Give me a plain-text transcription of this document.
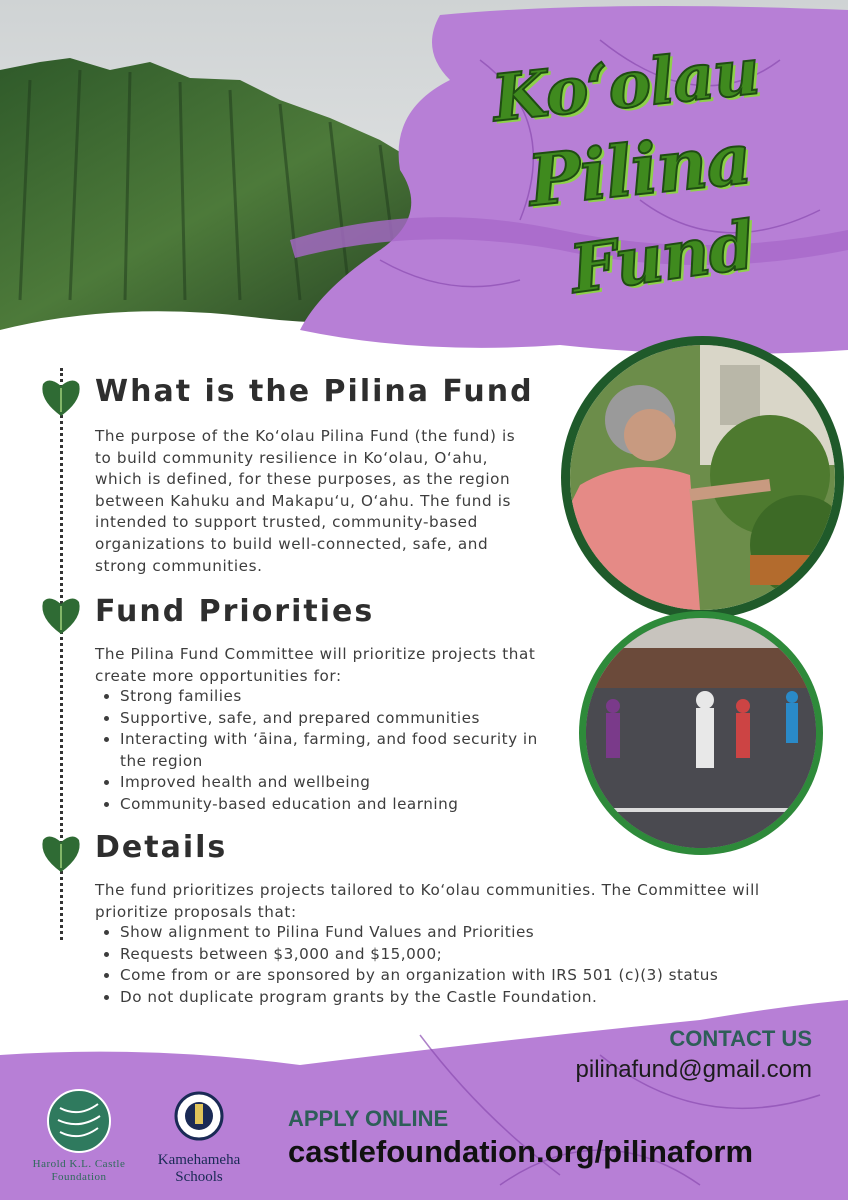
Ko‘olau
Pilina
Fund
What is the Pilina Fund

The purpose of the Ko‘olau Pilina Fund (the fund) is to build community resilience in Ko‘olau, O‘ahu, which is defined, for these purposes, as the region between Kahuku and Makapu‘u, O‘ahu. The fund is intended to support trusted, community-based organizations to build well-connected, safe, and strong communities.

Fund Priorities

The Pilina Fund Committee will prioritize projects that create more opportunities for:

• Strong families
• Supportive, safe, and prepared communities
• Interacting with ‘āina, farming, and food security in the region
• Improved health and wellbeing
• Community-based education and learning
Details

The fund prioritizes projects tailored to Ko‘olau communities. The Committee will prioritize proposals that:

• Show alignment to Pilina Fund Values and Priorities
• Requests between $3,000 and $15,000;
• Come from or are sponsored by an organization with IRS 501 (c)(3) status
• Do not duplicate program grants by the Castle Foundation.
CONTACT US
pilinafund@gmail.com
APPLY ONLINE
castlefoundation.org/pilinaform
Harold K.L. Castle
Foundation
Kamehameha
Schools
